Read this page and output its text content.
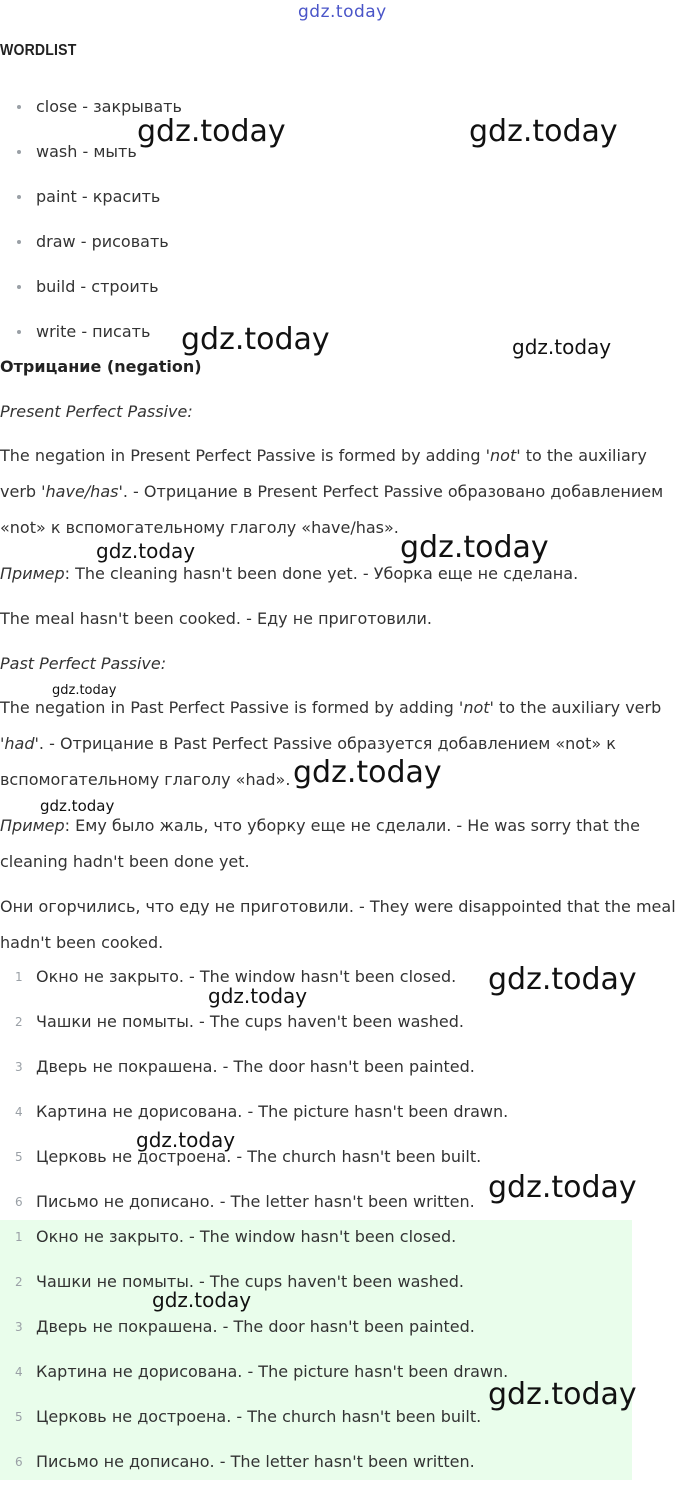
gdz.today
WORDLIST
close - закрывать
wash - мыть
paint - красить
draw - рисовать
build - строить
write - писать
Отрицание (negation)
Present Perfect Passive:
The negation in Present Perfect Passive is formed by adding 'not' to the auxiliary verb 'have/has'. - Отрицание в Present Perfect Passive образовано добавлением «not» к вспомогательному глаголу «have/has».
Пример: The cleaning hasn't been done yet. - Уборка еще не сделана.
The meal hasn't been cooked. - Еду не приготовили.
Past Perfect Passive:
The negation in Past Perfect Passive is formed by adding 'not' to the auxiliary verb 'had'. - Отрицание в Past Perfect Passive образуется добавлением «not» к вспомогательному глаголу «had».
Пример: Ему было жаль, что уборку еще не сделали. - He was sorry that the cleaning hadn't been done yet.
Они огорчились, что еду не приготовили. - They were disappointed that the meal hadn't been cooked.
1 Окно не закрыто. - The window hasn't been closed.
2 Чашки не помыты. - The cups haven't been washed.
3 Дверь не покрашена. - The door hasn't been painted.
4 Картина не дорисована. - The picture hasn't been drawn.
5 Церковь не достроена. - The church hasn't been built.
6 Письмо не дописано. - The letter hasn't been written.
1 Окно не закрыто. - The window hasn't been closed.
2 Чашки не помыты. - The cups haven't been washed.
3 Дверь не покрашена. - The door hasn't been painted.
4 Картина не дорисована. - The picture hasn't been drawn.
5 Церковь не достроена. - The church hasn't been built.
6 Письмо не дописано. - The letter hasn't been written.
gdz.today	gdz.today
gdz.today	gdz.today
gdz.today	gdz.today
gdz.today
gdz.today
gdz.today
gdz.today
gdz.today
gdz.today
gdz.today
gdz.today
gdz.today
